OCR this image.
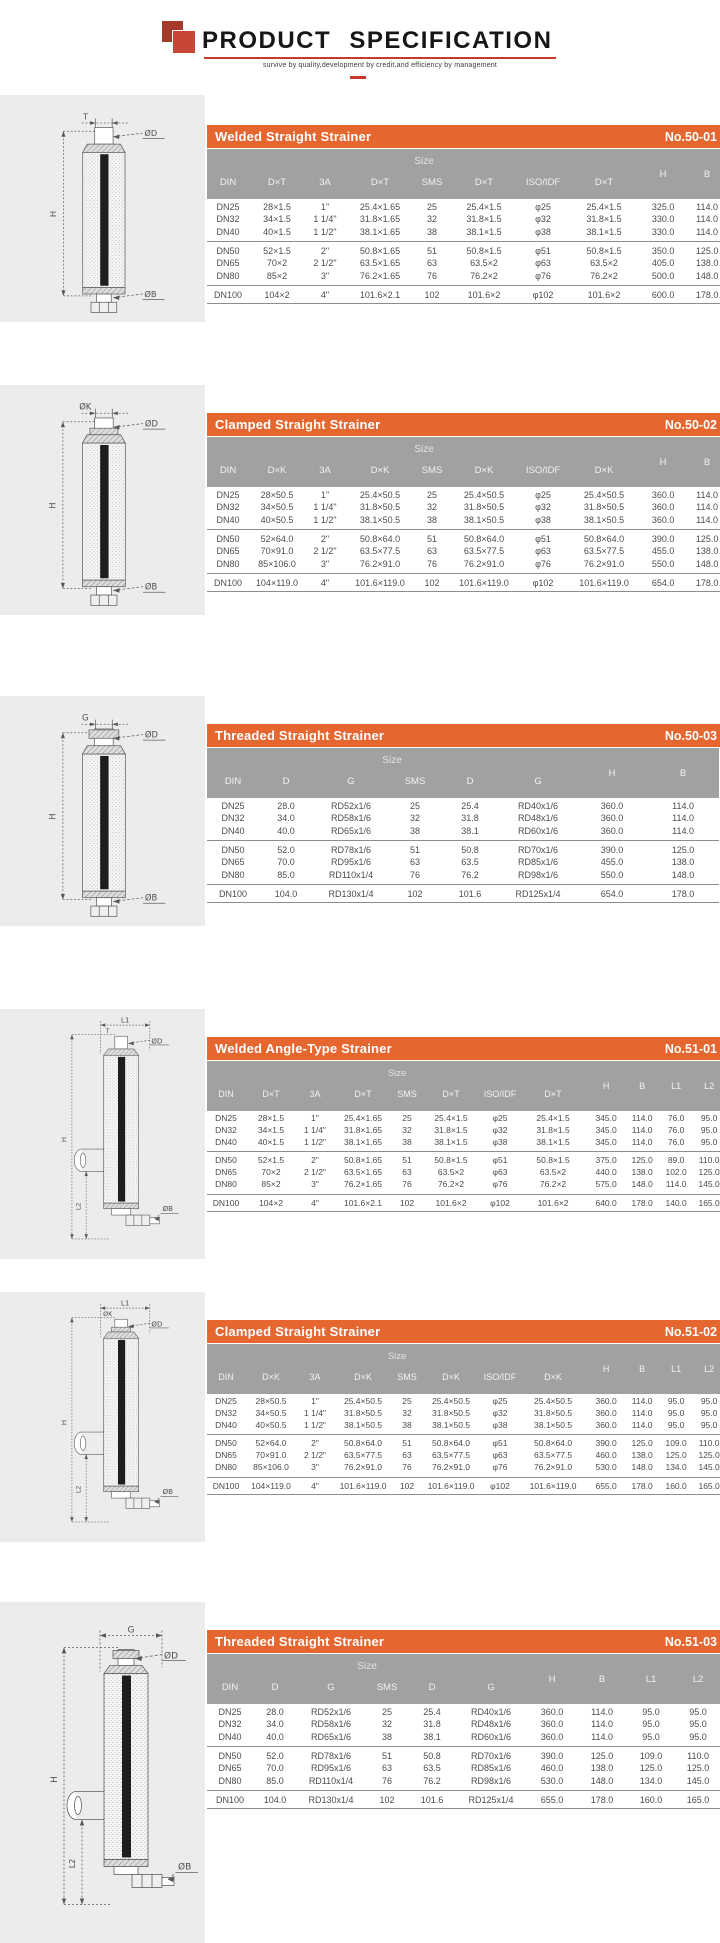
PRODUCT SPECIFICATION
survive by quality,development by credit,and efficiency by management
T
ØD
H
ØB
Welded Straight Strainer	No.50-01
Size								H	B
DIN	D×T	3A	D×T	SMS	D×T	ISO/IDF	D×T		
DN25	28×1.5	1"	25.4×1.65	25	25.4×1.5	φ25	25.4×1.5	325.0	114.0
DN32	34×1.5	1 1/4"	31.8×1.65	32	31.8×1.5	φ32	31.8×1.5	330.0	114.0
DN40	40×1.5	1 1/2"	38.1×1.65	38	38.1×1.5	φ38	38.1×1.5	330.0	114.0
DN50	52×1.5	2"	50.8×1.65	51	50.8×1.5	φ51	50.8×1.5	350.0	125.0
DN65	70×2	2 1/2"	63.5×1.65	63	63.5×2	φ63	63.5×2	405.0	138.0
DN80	85×2	3"	76.2×1.65	76	76.2×2	φ76	76.2×2	500.0	148.0
DN100	104×2	4"	101.6×2.1	102	101.6×2	φ102	101.6×2	600.0	178.0
ØK
ØD
H
ØB
Clamped Straight Strainer	No.50-02
Size								H	B
DIN	D×K	3A	D×K	SMS	D×K	ISO/IDF	D×K		
DN25	28×50.5	1"	25.4×50.5	25	25.4×50.5	φ25	25.4×50.5	360.0	114.0
DN32	34×50.5	1 1/4"	31.8×50.5	32	31.8×50.5	φ32	31.8×50.5	360.0	114.0
DN40	40×50.5	1 1/2"	38.1×50.5	38	38.1×50.5	φ38	38.1×50.5	360.0	114.0
DN50	52×64.0	2"	50.8×64.0	51	50.8×64.0	φ51	50.8×64.0	390.0	125.0
DN65	70×91.0	2 1/2"	63.5×77.5	63	63.5×77.5	φ63	63.5×77.5	455.0	138.0
DN80	85×106.0	3"	76.2×91.0	76	76.2×91.0	φ76	76.2×91.0	550.0	148.0
DN100	104×119.0	4"	101.6×119.0	102	101.6×119.0	φ102	101.6×119.0	654.0	178.0
G
ØD
H
ØB
Threaded Straight Strainer	No.50-03
Size						H	B
DIN	D	G	SMS	D	G		
DN25	28.0	RD52x1/6	25	25.4	RD40x1/6	360.0	114.0
DN32	34.0	RD58x1/6	32	31.8	RD48x1/6	360.0	114.0
DN40	40.0	RD65x1/6	38	38.1	RD60x1/6	360.0	114.0
DN50	52.0	RD78x1/6	51	50.8	RD70x1/6	390.0	125.0
DN65	70.0	RD95x1/6	63	63.5	RD85x1/6	455.0	138.0
DN80	85.0	RD110x1/4	76	76.2	RD98x1/6	550.0	148.0
DN100	104.0	RD130x1/4	102	101.6	RD125x1/4	654.0	178.0
L1
T
ØD
H
L2	ØB
Welded Angle-Type Strainer	No.51-01
Size								H	B	L1	L2
DIN	D×T	3A	D×T	SMS	D×T	ISO/IDF	D×T				
DN25	28×1.5	1"	25.4×1.65	25	25.4×1.5	φ25	25.4×1.5	345.0	114.0	76.0	95.0
DN32	34×1.5	1 1/4"	31.8×1.65	32	31.8×1.5	φ32	31.8×1.5	345.0	114.0	76.0	95.0
DN40	40×1.5	1 1/2"	38.1×1.65	38	38.1×1.5	φ38	38.1×1.5	345.0	114.0	76.0	95.0
DN50	52×1.5	2"	50.8×1.65	51	50.8×1.5	φ51	50.8×1.5	375.0	125.0	89.0	110.0
DN65	70×2	2 1/2"	63.5×1.65	63	63.5×2	φ63	63.5×2	440.0	138.0	102.0	125.0
DN80	85×2	3"	76.2×1.65	76	76.2×2	φ76	76.2×2	575.0	148.0	114.0	145.0
DN100	104×2	4"	101.6×2.1	102	101.6×2	φ102	101.6×2	640.0	178.0	140.0	165.0
L1
ØK
ØD
H
L2	ØB
Clamped Straight Strainer	No.51-02
Size								H	B	L1	L2
DIN	D×K	3A	D×K	SMS	D×K	ISO/IDF	D×K				
DN25	28×50.5	1"	25.4×50.5	25	25.4×50.5	φ25	25.4×50.5	360.0	114.0	95.0	95.0
DN32	34×50.5	1 1/4"	31.8×50.5	32	31.8×50.5	φ32	31.8×50.5	360.0	114.0	95.0	95.0
DN40	40×50.5	1 1/2"	38.1×50.5	38	38.1×50.5	φ38	38.1×50.5	360.0	114.0	95.0	95.0
DN50	52×64.0	2"	50.8×64.0	51	50.8×64.0	φ51	50.8×64.0	390.0	125.0	109.0	110.0
DN65	70×91.0	2 1/2"	63.5×77.5	63	63.5×77.5	φ63	63.5×77.5	460.0	138.0	125.0	125.0
DN80	85×106.0	3"	76.2×91.0	76	76.2×91.0	φ76	76.2×91.0	530.0	148.0	134.0	145.0
DN100	104×119.0	4"	101.6×119.0	102	101.6×119.0	φ102	101.6×119.0	655.0	178.0	160.0	165.0
G
ØD
H
L2	ØB
Threaded Straight Strainer	No.51-03
Size						H	B	L1	L2
DIN	D	G	SMS	D	G				
DN25	28.0	RD52x1/6	25	25.4	RD40x1/6	360.0	114.0	95.0	95.0
DN32	34.0	RD58x1/6	32	31.8	RD48x1/6	360.0	114.0	95.0	95.0
DN40	40.0	RD65x1/6	38	38.1	RD60x1/6	360.0	114.0	95.0	95.0
DN50	52.0	RD78x1/6	51	50.8	RD70x1/6	390.0	125.0	109.0	110.0
DN65	70.0	RD95x1/6	63	63.5	RD85x1/6	460.0	138.0	125.0	125.0
DN80	85.0	RD110x1/4	76	76.2	RD98x1/6	530.0	148.0	134.0	145.0
DN100	104.0	RD130x1/4	102	101.6	RD125x1/4	655.0	178.0	160.0	165.0
